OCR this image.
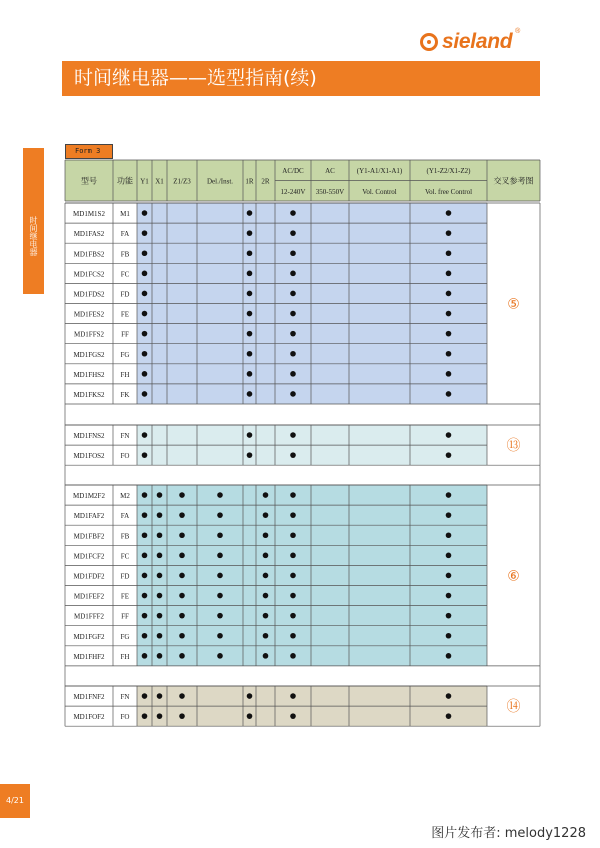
sieland ®
时间继电器——选型指南(续)
时间继电器
Form 3
型号	功能 Y1 X1 Z1/Z3 Del./Inst. 1R 2R
AC/DC
12-240V
AC
350-550V
(Y1-A1/X1-A1)
Vol. Control
(Y1-Z2/X1-Z2)
Vol. free Control
交叉参考图
MD1M1S2 M1
MD1FAS2 FA
MD1FBS2 FB
MD1FCS2 FC
MD1FDS2 FD
MD1FES2 FE
MD1FFS2 FF
MD1FGS2 FG
MD1FHS2 FH
MD1FKS2 FK
⑤
MD1FNS2 FN
MD1FOS2 FO
⑬
MD1M2F2 M2
MD1FAF2 FA
MD1FBF2 FB
MD1FCF2 FC
MD1FDF2 FD
MD1FEF2 FE
MD1FFF2 FF
MD1FGF2 FG
MD1FHF2 FH
⑥
MD1FNF2 FN
MD1FOF2 FO
⑭
4/21
图片发布者: melody1228
